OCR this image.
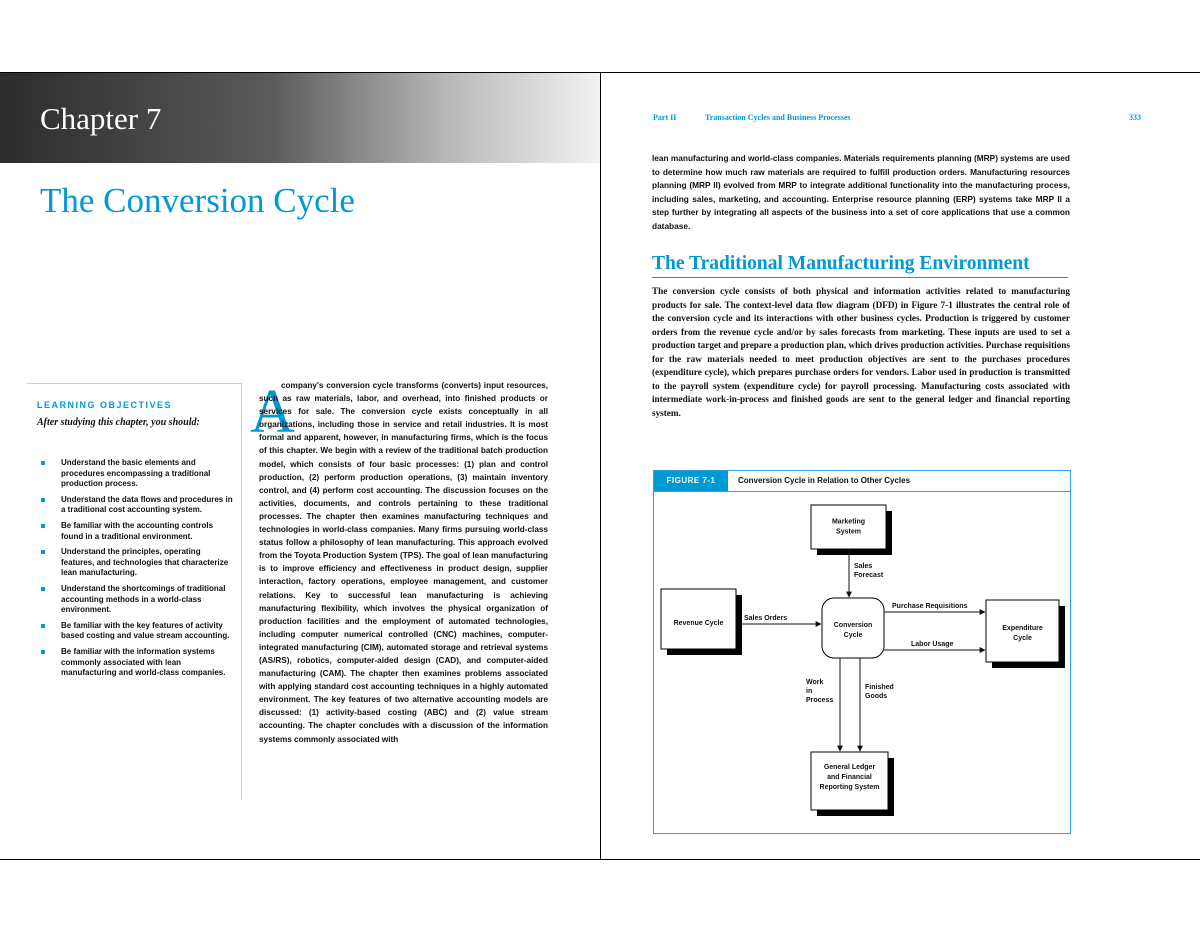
Chapter 7
The Conversion Cycle
LEARNING OBJECTIVES
After studying this chapter, you should:
Understand the basic elements and procedures encompassing a traditional production process.
Understand the data flows and procedures in a traditional cost accounting system.
Be familiar with the accounting controls found in a traditional environment.
Understand the principles, operating features, and technologies that characterize lean manufacturing.
Understand the shortcomings of traditional accounting methods in a world-class environment.
Be familiar with the key features of activity based costing and value stream accounting.
Be familiar with the information systems commonly associated with lean manufacturing and world-class companies.
A

company's conversion cycle transforms (converts) input resources, such as raw materials, labor, and overhead, into finished products or services for sale. The conversion cycle exists conceptually in all organizations, including those in service and retail industries. It is most formal and apparent, however, in manufacturing firms, which is the focus of this chapter. We begin with a review of the traditional batch production model, which consists of four basic processes: (1) plan and control production, (2) perform production operations, (3) maintain inventory control, and (4) perform cost accounting. The discussion focuses on the activities, documents, and controls pertaining to these traditional processes. The chapter then examines manufacturing techniques and technologies in world-class companies. Many firms pursuing world-class status follow a philosophy of lean manufacturing. This approach evolved from the Toyota Production System (TPS). The goal of lean manufacturing is to improve efficiency and effectiveness in product design, supplier interaction, factory operations, employee management, and customer relations. Key to successful lean manufacturing is achieving manufacturing flexibility, which involves the physical organization of production facilities and the employment of automated technologies, including computer numerical controlled (CNC) machines, computer-integrated manufacturing (CIM), automated storage and retrieval systems (AS/RS), robotics, computer-aided design (CAD), and computer-aided manufacturing (CAM). The chapter then examines problems associated with applying standard cost accounting techniques in a highly automated environment. The key features of two alternative accounting models are discussed: (1) activity-based costing (ABC) and (2) value stream accounting. The chapter concludes with a discussion of the information systems commonly associated with

Part II	Transaction Cycles and Business Processes	333

lean manufacturing and world-class companies. Materials requirements planning (MRP) systems are used to determine how much raw materials are required to fulfill production orders. Manufacturing resources planning (MRP II) evolved from MRP to integrate additional functionality into the manufacturing process, including sales, marketing, and accounting. Enterprise resource planning (ERP) systems take MRP II a step further by integrating all aspects of the business into a set of core applications that use a common database.

The Traditional Manufacturing Environment

The conversion cycle consists of both physical and information activities related to manufacturing products for sale. The context-level data flow diagram (DFD) in Figure 7-1 illustrates the central role of the conversion cycle and its interactions with other business cycles. Production is triggered by customer orders from the revenue cycle and/or by sales forecasts from marketing. These inputs are used to set a production target and prepare a production plan, which drives production activities. Purchase requisitions for the raw materials needed to meet production objectives are sent to the purchases procedures (expenditure cycle), which prepares purchase orders for vendors. Labor used in production is transmitted to the payroll system (expenditure cycle) for payroll processing. Manufacturing costs associated with intermediate work-in-process and finished goods are sent to the general ledger and financial reporting system.

FIGURE 7-1	Conversion Cycle in Relation to Other Cycles
Marketing
System
Revenue Cycle	Conversion
Cycle
Expenditure
Cycle
General Ledger
and Financial
Reporting System
Sales
Forecast
Sales Orders
Purchase Requisitions
Labor Usage
Work
in
Process
Finished
Goods
